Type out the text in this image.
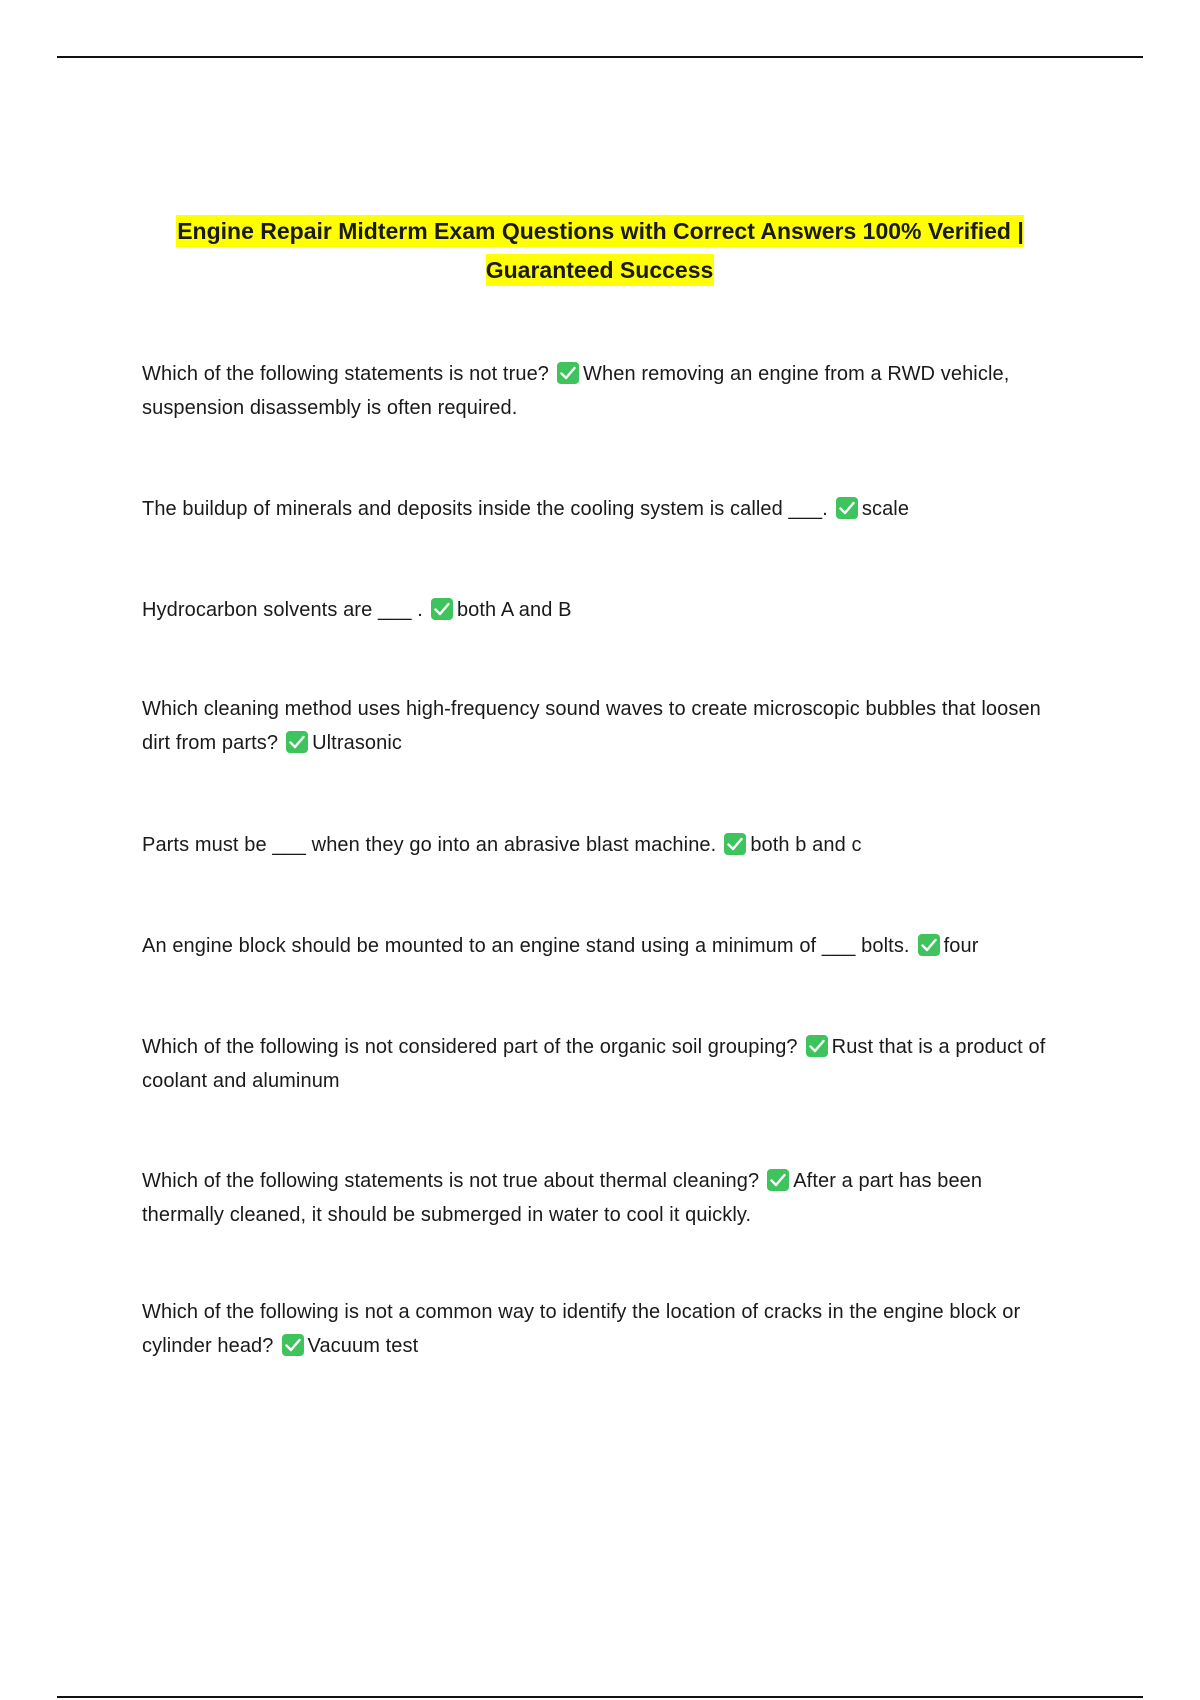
Engine Repair Midterm Exam Questions with Correct Answers 100% Verified | Guaranteed Success
Which of the following statements is not true? When removing an engine from a RWD vehicle, suspension disassembly is often required.
The buildup of minerals and deposits inside the cooling system is called ___. scale
Hydrocarbon solvents are ___ . both A and B
Which cleaning method uses high-frequency sound waves to create microscopic bubbles that loosen dirt from parts? Ultrasonic
Parts must be ___ when they go into an abrasive blast machine. both b and c
An engine block should be mounted to an engine stand using a minimum of ___ bolts. four
Which of the following is not considered part of the organic soil grouping? Rust that is a product of coolant and aluminum
Which of the following statements is not true about thermal cleaning? After a part has been thermally cleaned, it should be submerged in water to cool it quickly.
Which of the following is not a common way to identify the location of cracks in the engine block or cylinder head? Vacuum test
